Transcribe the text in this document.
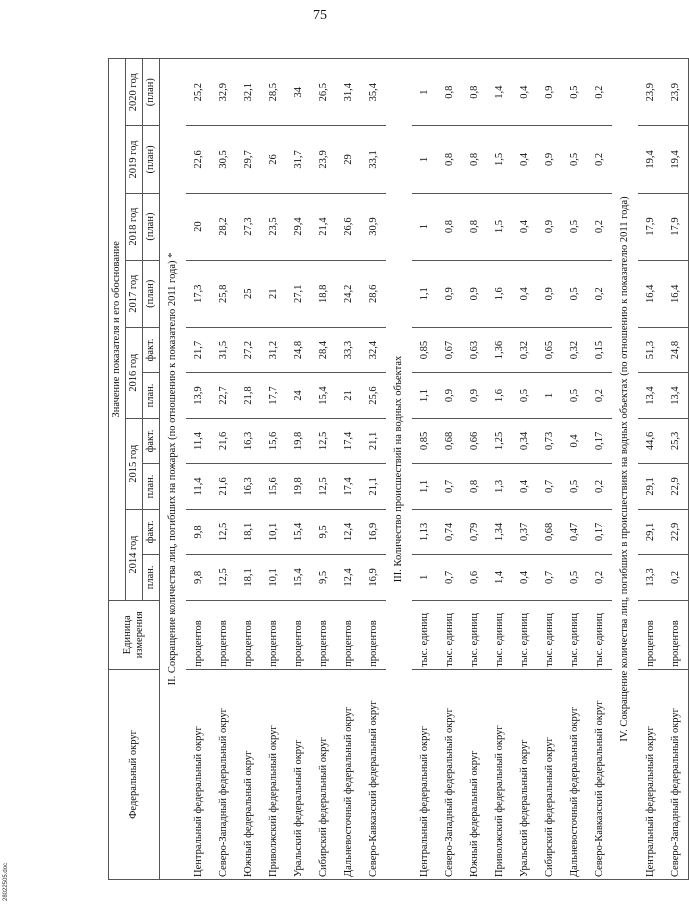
75
28022505.doc
Федеральный округ	Единица измерения	Значение показателя и его обоснование									
		2014 год		2015 год		2016 год		2017 год	2018 год	2019 год	2020 год
		план.	факт.	план.	факт.	план.	факт.	(план)	(план)	(план)	(план)
II. Сокращение количества лиц, погибших на пожарах (по отношению к показателю 2011 года) *											
Центральный федеральный округ	процентов	9,8	9,8	11,4	11,4	13,9	21,7	17,3	20	22,6	25,2
Северо-Западный федеральный округ	процентов	12,5	12,5	21,6	21,6	22,7	31,5	25,8	28,2	30,5	32,9
Южный федеральный округ	процентов	18,1	18,1	16,3	16,3	21,8	27,2	25	27,3	29,7	32,1
Приволжский федеральный округ	процентов	10,1	10,1	15,6	15,6	17,7	31,2	21	23,5	26	28,5
Уральский федеральный округ	процентов	15,4	15,4	19,8	19,8	24	24,8	27,1	29,4	31,7	34
Сибирский федеральный округ	процентов	9,5	9,5	12,5	12,5	15,4	28,4	18,8	21,4	23,9	26,5
Дальневосточный федеральный округ	процентов	12,4	12,4	17,4	17,4	21	33,3	24,2	26,6	29	31,4
Северо-Кавказский федеральный округ	процентов	16,9	16,9	21,1	21,1	25,6	32,4	28,6	30,9	33,1	35,4
III. Количество происшествий на водных объектах											
Центральный федеральный округ	тыс. единиц	1	1,13	1,1	0,85	1,1	0,85	1,1	1	1	1
Северо-Западный федеральный округ	тыс. единиц	0,7	0,74	0,7	0,68	0,9	0,67	0,9	0,8	0,8	0,8
Южный федеральный округ	тыс. единиц	0,6	0,79	0,8	0,66	0,9	0,63	0,9	0,8	0,8	0,8
Приволжский федеральный округ	тыс. единиц	1,4	1,34	1,3	1,25	1,6	1,36	1,6	1,5	1,5	1,4
Уральский федеральный округ	тыс. единиц	0,4	0,37	0,4	0,34	0,5	0,32	0,4	0,4	0,4	0,4
Сибирский федеральный округ	тыс. единиц	0,7	0,68	0,7	0,73	1	0,65	0,9	0,9	0,9	0,9
Дальневосточный федеральный округ	тыс. единиц	0,5	0,47	0,5	0,4	0,5	0,32	0,5	0,5	0,5	0,5
Северо-Кавказский федеральный округ	тыс. единиц	0,2	0,17	0,2	0,17	0,2	0,15	0,2	0,2	0,2	0,2
IV. Сокращение количества лиц, погибших в происшествиях на водных объектах (по отношению к показателю 2011 года)											
Центральный федеральный округ	процентов	13,3	29,1	29,1	44,6	13,4	51,3	16,4	17,9	19,4	23,9
Северо-Западный федеральный округ	процентов	0,2	22,9	22,9	25,3	13,4	24,8	16,4	17,9	19,4	23,9
